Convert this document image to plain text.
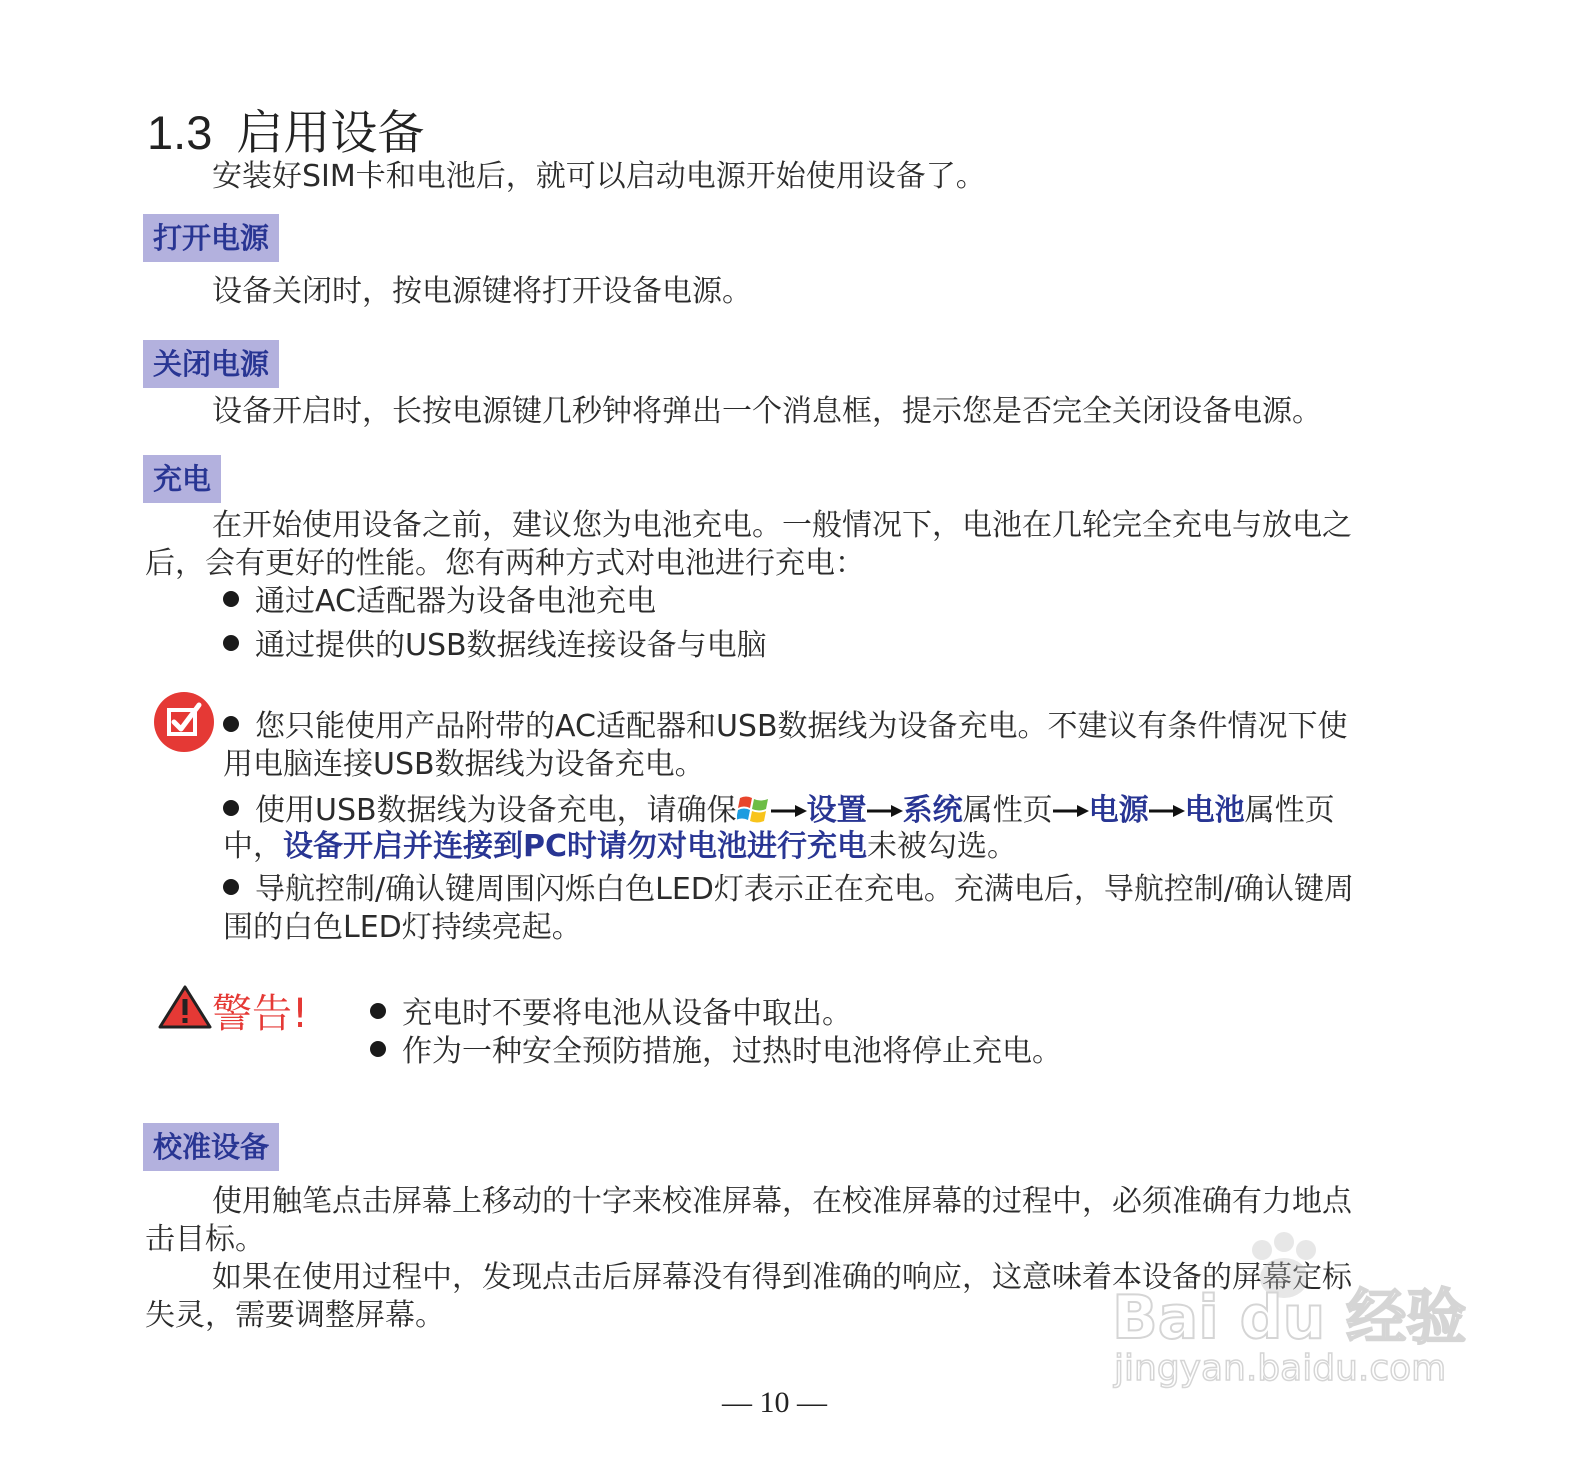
1.3 启用设备
安装好SIM卡和电池后，就可以启动电源开始使用设备了。
打开电源
设备关闭时，按电源键将打开设备电源。
关闭电源
设备开启时，长按电源键几秒钟将弹出一个消息框，提示您是否完全关闭设备电源。
充电
在开始使用设备之前，建议您为电池充电。一般情况下，电池在几轮完全充电与放电之
后，会有更好的性能。您有两种方式对电池进行充电：
通过AC适配器为设备电池充电
通过提供的USB数据线连接设备与电脑
您只能使用产品附带的AC适配器和USB数据线为设备充电。不建议有条件情况下使
用电脑连接USB数据线为设备充电。
使用USB数据线为设备充电，请确保 设置 系统属性页 电源 电池属性页
中，设备开启并连接到PC时请勿对电池进行充电未被勾选。
导航控制/确认键周围闪烁白色LED灯表示正在充电。充满电后，导航控制/确认键周
围的白色LED灯持续亮起。
警告!	充电时不要将电池从设备中取出。
作为一种安全预防措施，过热时电池将停止充电。
校准设备
使用触笔点击屏幕上移动的十字来校准屏幕，在校准屏幕的过程中，必须准确有力地点
击目标。
如果在使用过程中，发现点击后屏幕没有得到准确的响应，这意味着本设备的屏幕定标
失灵，需要调整屏幕。	Bai du 经验
jingyan.baidu.com
— 10 —
